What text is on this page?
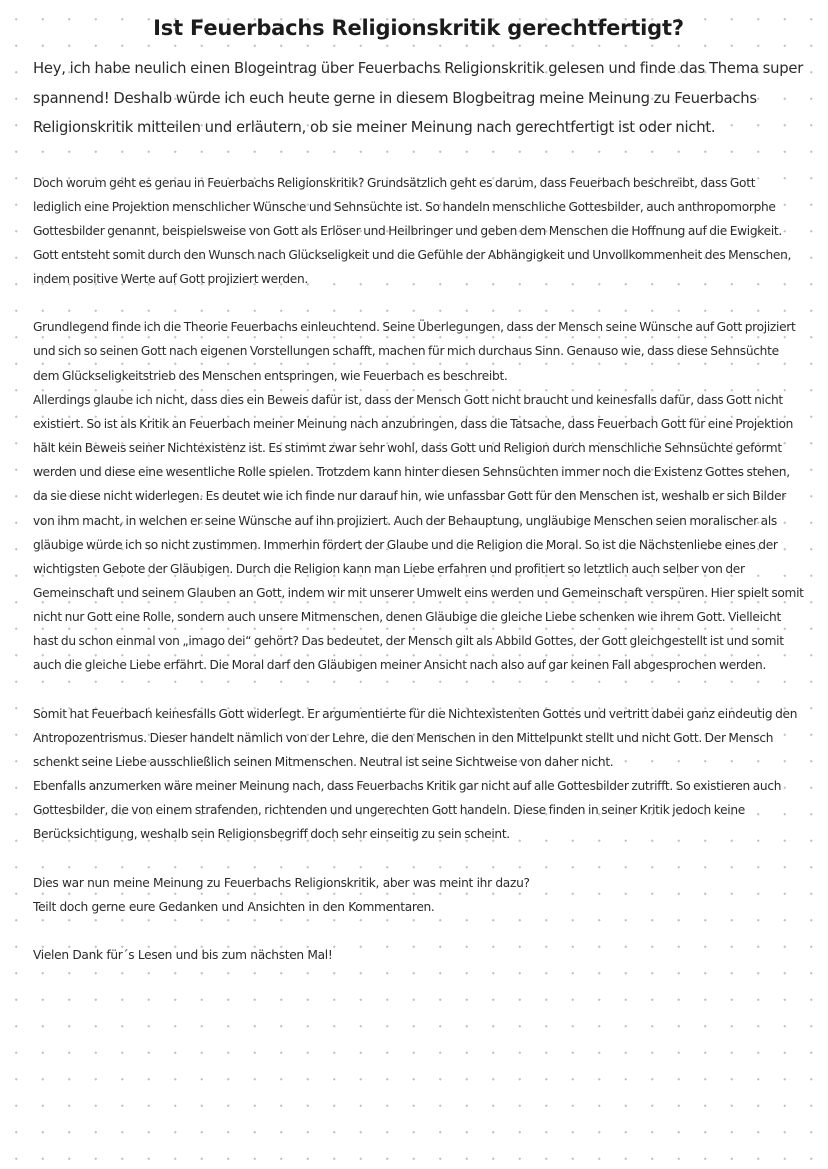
Ist Feuerbachs Religionskritik gerechtfertigt?

Hey, ich habe neulich einen Blogeintrag über Feuerbachs Religionskritik gelesen und finde das Thema super spannend! Deshalb würde ich euch heute gerne in diesem Blogbeitrag meine Meinung zu Feuerbachs Religionskritik mitteilen und erläutern, ob sie meiner Meinung nach gerechtfertigt ist oder nicht.

Doch worum geht es genau in Feuerbachs Religionskritik? Grundsätzlich geht es darum, dass Feuerbach beschreibt, dass Gott lediglich eine Projektion menschlicher Wünsche und Sehnsüchte ist. So handeln menschliche Gottesbilder, auch anthropomorphe Gottesbilder genannt, beispielsweise von Gott als Erlöser und Heilbringer und geben dem Menschen die Hoffnung auf die Ewigkeit. Gott entsteht somit durch den Wunsch nach Glückseligkeit und die Gefühle der Abhängigkeit und Unvollkommenheit des Menschen, indem positive Werte auf Gott projiziert werden.

Grundlegend finde ich die Theorie Feuerbachs einleuchtend. Seine Überlegungen, dass der Mensch seine Wünsche auf Gott projiziert und sich so seinen Gott nach eigenen Vorstellungen schafft, machen für mich durchaus Sinn. Genauso wie, dass diese Sehnsüchte dem Glückseligkeitstrieb des Menschen entspringen, wie Feuerbach es beschreibt.

Allerdings glaube ich nicht, dass dies ein Beweis dafür ist, dass der Mensch Gott nicht braucht und keinesfalls dafür, dass Gott nicht existiert. So ist als Kritik an Feuerbach meiner Meinung nach anzubringen, dass die Tatsache, dass Feuerbach Gott für eine Projektion hält kein Beweis seiner Nichtexistenz ist. Es stimmt zwar sehr wohl, dass Gott und Religion durch menschliche Sehnsüchte geformt werden und diese eine wesentliche Rolle spielen. Trotzdem kann hinter diesen Sehnsüchten immer noch die Existenz Gottes stehen, da sie diese nicht widerlegen. Es deutet wie ich finde nur darauf hin, wie unfassbar Gott für den Menschen ist, weshalb er sich Bilder von ihm macht, in welchen er seine Wünsche auf ihn projiziert. Auch der Behauptung, ungläubige Menschen seien moralischer als gläubige würde ich so nicht zustimmen. Immerhin fördert der Glaube und die Religion die Moral. So ist die Nächstenliebe eines der wichtigsten Gebote der Gläubigen. Durch die Religion kann man Liebe erfahren und profitiert so letztlich auch selber von der Gemeinschaft und seinem Glauben an Gott, indem wir mit unserer Umwelt eins werden und Gemeinschaft verspüren. Hier spielt somit nicht nur Gott eine Rolle, sondern auch unsere Mitmenschen, denen Gläubige die gleiche Liebe schenken wie ihrem Gott. Vielleicht hast du schon einmal von „imago dei“ gehört? Das bedeutet, der Mensch gilt als Abbild Gottes, der Gott gleichgestellt ist und somit auch die gleiche Liebe erfährt. Die Moral darf den Gläubigen meiner Ansicht nach also auf gar keinen Fall abgesprochen werden.

Somit hat Feuerbach keinesfalls Gott widerlegt. Er argumentierte für die Nichtexistenten Gottes und vertritt dabei ganz eindeutig den Antropozentrismus. Dieser handelt nämlich von der Lehre, die den Menschen in den Mittelpunkt stellt und nicht Gott. Der Mensch schenkt seine Liebe ausschließlich seinen Mitmenschen. Neutral ist seine Sichtweise von daher nicht.

Ebenfalls anzumerken wäre meiner Meinung nach, dass Feuerbachs Kritik gar nicht auf alle Gottesbilder zutrifft. So existieren auch Gottesbilder, die von einem strafenden, richtenden und ungerechten Gott handeln. Diese finden in seiner Kritik jedoch keine Berücksichtigung, weshalb sein Religionsbegriff doch sehr einseitig zu sein scheint.

Dies war nun meine Meinung zu Feuerbachs Religionskritik, aber was meint ihr dazu?

Teilt doch gerne eure Gedanken und Ansichten in den Kommentaren.

Vielen Dank für´s Lesen und bis zum nächsten Mal!
